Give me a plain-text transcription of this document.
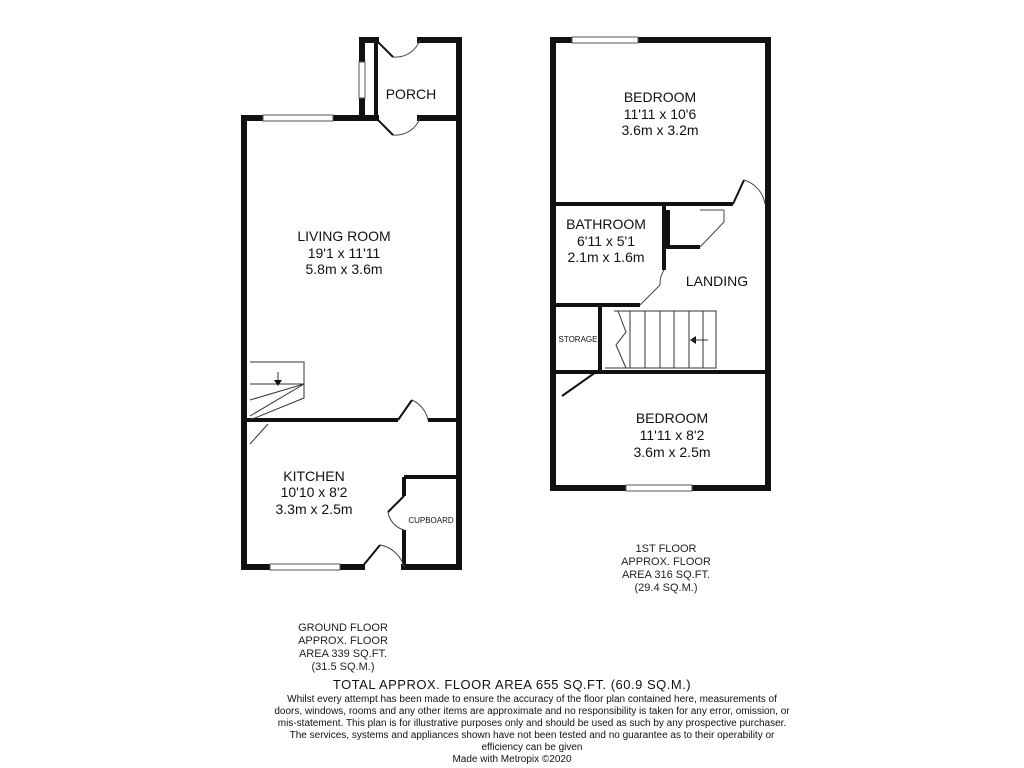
PORCH
LIVING ROOM
19'1 x 11'11
5.8m x 3.6m
KITCHEN
10'10 x 8'2
3.3m x 2.5m
CUPBOARD
GROUND FLOOR
APPROX. FLOOR
AREA 339 SQ.FT.
(31.5 SQ.M.)
BEDROOM
11'11 x 10'6
3.6m x 3.2m
BATHROOM
6'11 x 5'1
2.1m x 1.6m
LANDING
STORAGE
BEDROOM
11'11 x 8'2
3.6m x 2.5m
1ST FLOOR
APPROX. FLOOR
AREA 316 SQ.FT.
(29.4 SQ.M.)
TOTAL APPROX. FLOOR AREA 655 SQ.FT. (60.9 SQ.M.)
Whilst every attempt has been made to ensure the accuracy of the floor plan contained here, measurements of doors, windows, rooms and any other items are approximate and no responsibility is taken for any error, omission, or mis-statement. This plan is for illustrative purposes only and should be used as such by any prospective purchaser. The services, systems and appliances shown have not been tested and no guarantee as to their operability or efficiency can be given
Made with Metropix ©2020
